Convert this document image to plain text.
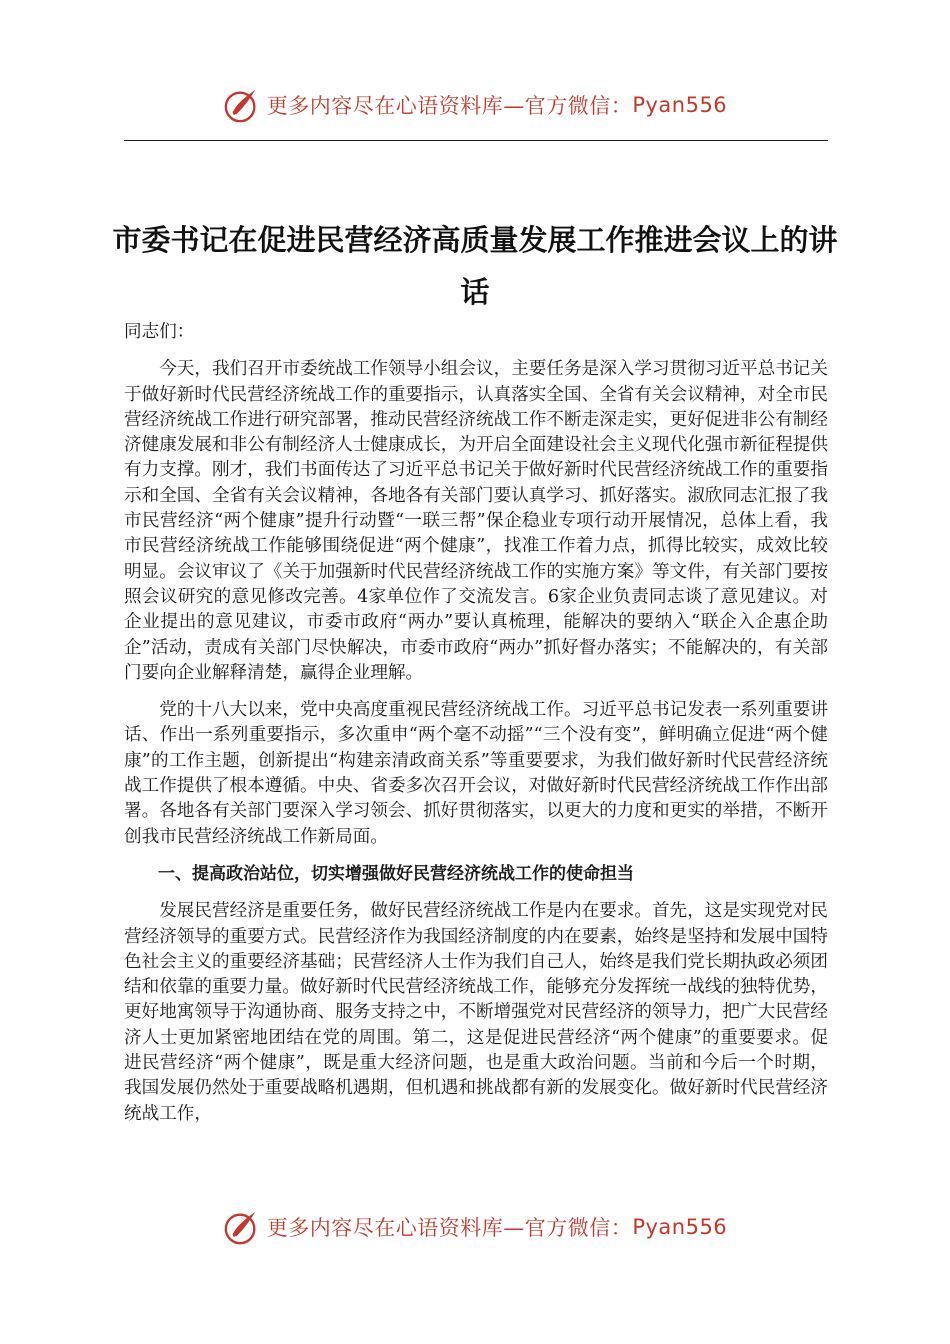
更多内容尽在心语资料库—官方微信： Pyan556
市委书记在促进民营经济高质量发展工作推进会议上的讲话

同志们：

今天，我们召开市委统战工作领导小组会议，主要任务是深入学习贯彻习近平总书记关于做好新时代民营经济统战工作的重要指示，认真落实全国、全省有关会议精神，对全市民营经济统战工作进行研究部署，推动民营经济统战工作不断走深走实，更好促进非公有制经济健康发展和非公有制经济人士健康成长，为开启全面建设社会主义现代化强市新征程提供有力支撑。刚才，我们书面传达了习近平总书记关于做好新时代民营经济统战工作的重要指示和全国、全省有关会议精神，各地各有关部门要认真学习、抓好落实。淑欣同志汇报了我市民营经济“两个健康”提升行动暨“一联三帮”保企稳业专项行动开展情况，总体上看，我市民营经济统战工作能够围绕促进“两个健康”，找准工作着力点，抓得比较实，成效比较明显。会议审议了《关于加强新时代民营经济统战工作的实施方案》等文件，有关部门要按照会议研究的意见修改完善。4家单位作了交流发言。6家企业负责同志谈了意见建议。对企业提出的意见建议，市委市政府“两办”要认真梳理，能解决的要纳入“联企入企惠企助企”活动，责成有关部门尽快解决，市委市政府“两办”抓好督办落实；不能解决的，有关部门要向企业解释清楚，赢得企业理解。

党的十八大以来，党中央高度重视民营经济统战工作。习近平总书记发表一系列重要讲话、作出一系列重要指示，多次重申“两个毫不动摇”“三个没有变”，鲜明确立促进“两个健康”的工作主题，创新提出“构建亲清政商关系”等重要要求，为我们做好新时代民营经济统战工作提供了根本遵循。中央、省委多次召开会议，对做好新时代民营经济统战工作作出部署。各地各有关部门要深入学习领会、抓好贯彻落实，以更大的力度和更实的举措，不断开创我市民营经济统战工作新局面。

一、提高政治站位，切实增强做好民营经济统战工作的使命担当

发展民营经济是重要任务，做好民营经济统战工作是内在要求。首先，这是实现党对民营经济领导的重要方式。民营经济作为我国经济制度的内在要素，始终是坚持和发展中国特色社会主义的重要经济基础；民营经济人士作为我们自己人，始终是我们党长期执政必须团结和依靠的重要力量。做好新时代民营经济统战工作，能够充分发挥统一战线的独特优势，更好地寓领导于沟通协商、服务支持之中，不断增强党对民营经济的领导力，把广大民营经济人士更加紧密地团结在党的周围。第二，这是促进民营经济“两个健康”的重要要求。促进民营经济“两个健康”，既是重大经济问题，也是重大政治问题。当前和今后一个时期，我国发展仍然处于重要战略机遇期，但机遇和挑战都有新的发展变化。做好新时代民营经济统战工作，

更多内容尽在心语资料库—官方微信： Pyan556
